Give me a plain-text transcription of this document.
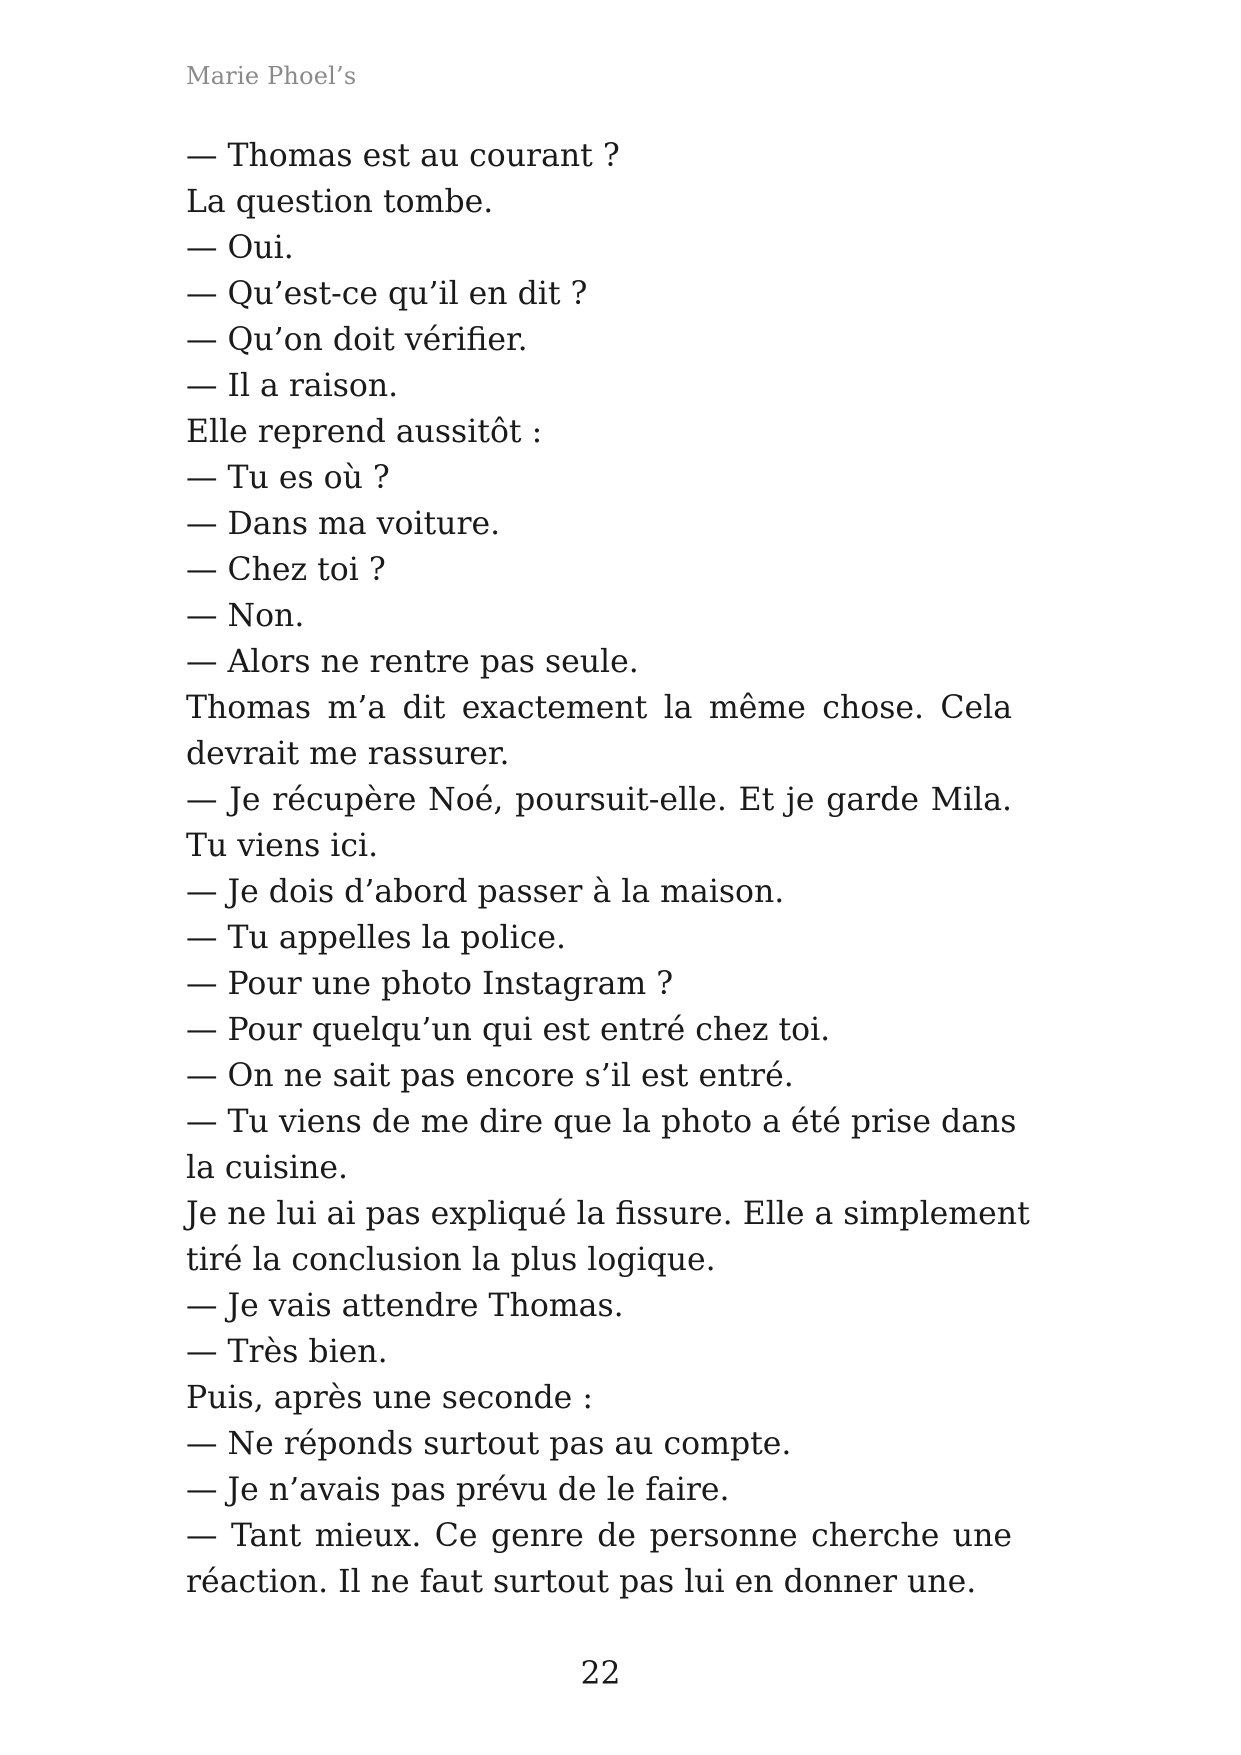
Marie Phoel’s
— Thomas est au courant ?
La question tombe.
— Oui.
— Qu’est-ce qu’il en dit ?
— Qu’on doit vérifier.
— Il a raison.
Elle reprend aussitôt :
— Tu es où ?
— Dans ma voiture.
— Chez toi ?
— Non.
— Alors ne rentre pas seule.
Thomas m’a dit exactement la même chose. Cela
devrait me rassurer.
— Je récupère Noé, poursuit-elle. Et je garde Mila.
Tu viens ici.
— Je dois d’abord passer à la maison.
— Tu appelles la police.
— Pour une photo Instagram ?
— Pour quelqu’un qui est entré chez toi.
— On ne sait pas encore s’il est entré.
— Tu viens de me dire que la photo a été prise dans
la cuisine.
Je ne lui ai pas expliqué la fissure. Elle a simplement
tiré la conclusion la plus logique.
— Je vais attendre Thomas.
— Très bien.
Puis, après une seconde :
— Ne réponds surtout pas au compte.
— Je n’avais pas prévu de le faire.
— Tant mieux. Ce genre de personne cherche une
réaction. Il ne faut surtout pas lui en donner une.
22
